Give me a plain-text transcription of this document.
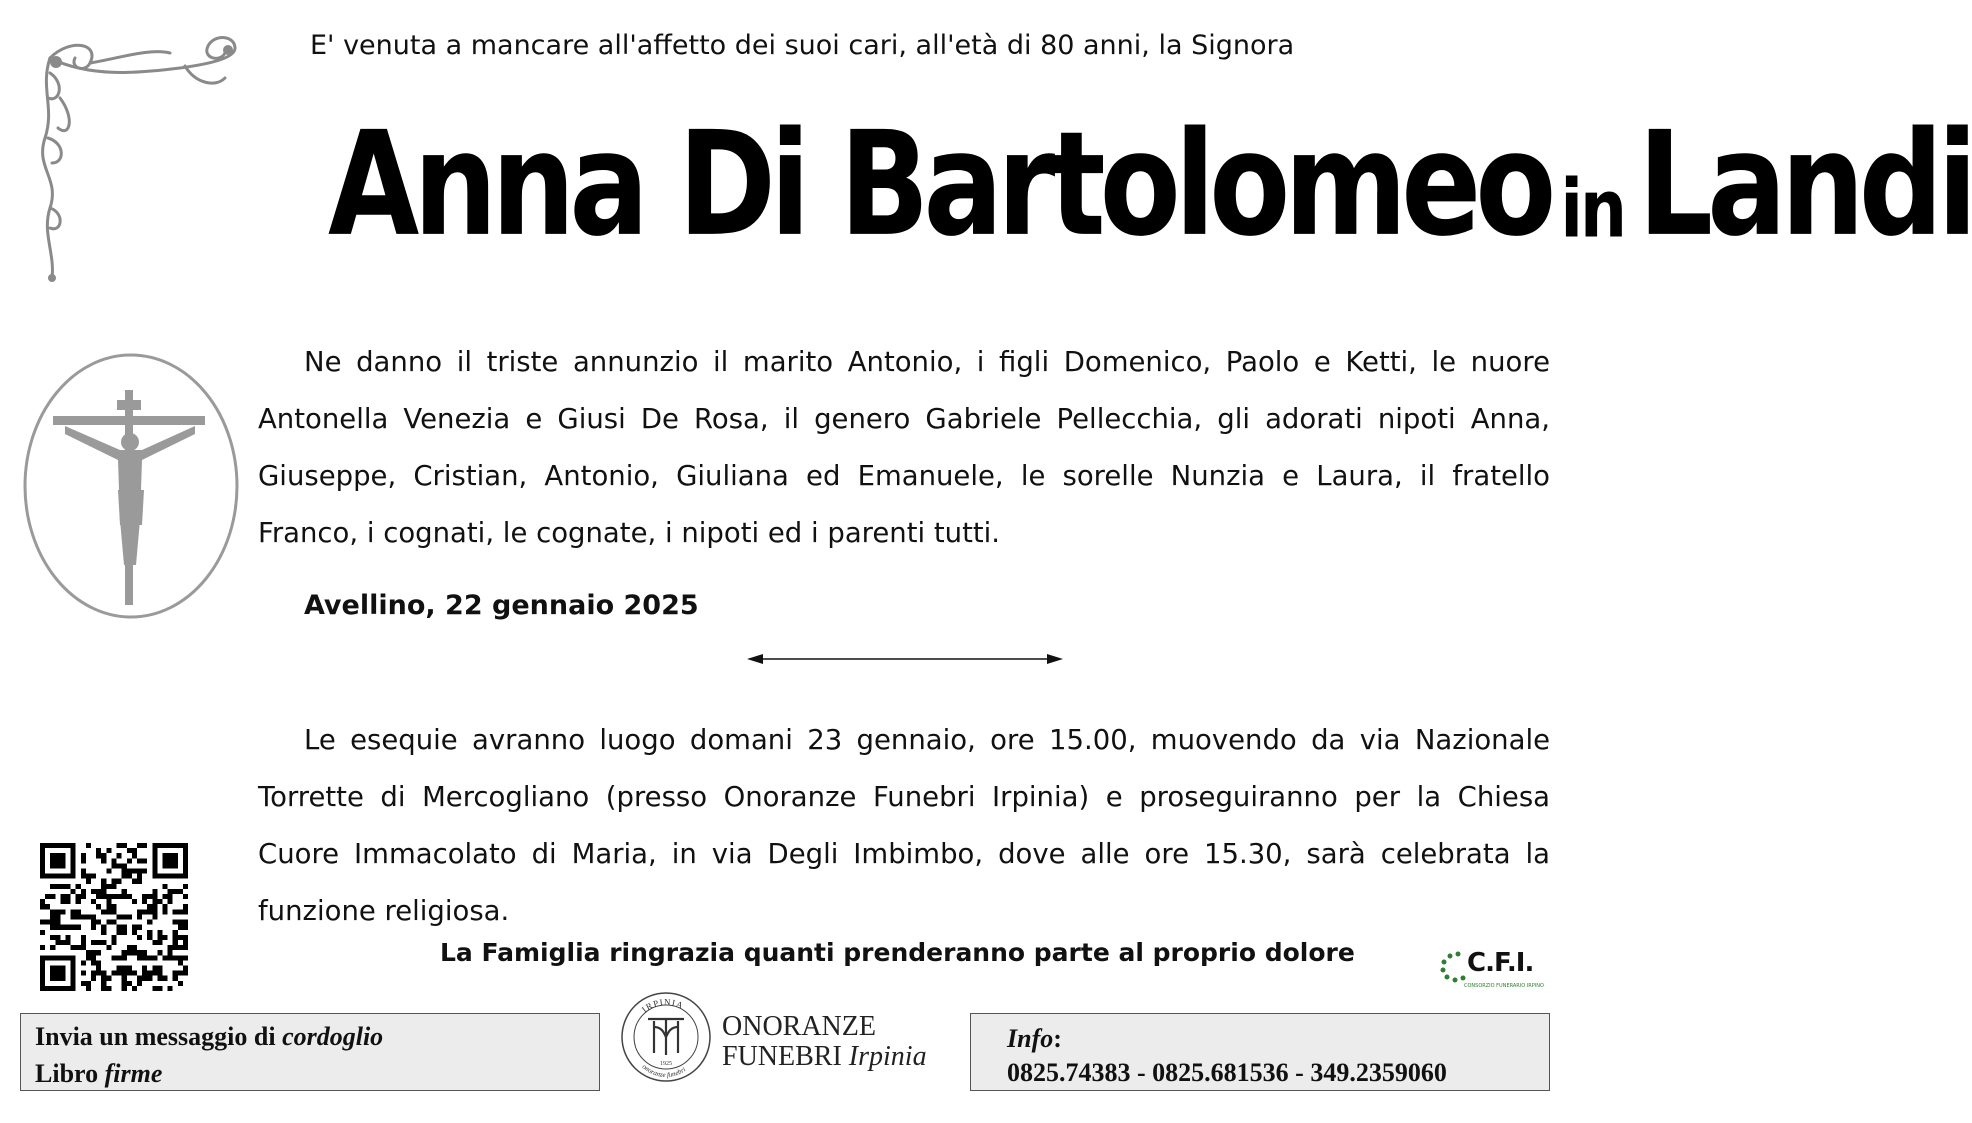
E' venuta a mancare all'affetto dei suoi cari, all'età di 80 anni, la Signora
Anna Di Bartolomeo in Landi
Ne danno il triste annunzio il marito Antonio, i figli Domenico, Paolo e Ketti, le nuore Antonella Venezia e Giusi De Rosa, il genero Gabriele Pellecchia, gli adorati nipoti Anna, Giuseppe, Cristian, Antonio, Giuliana ed Emanuele, le sorelle Nunzia e Laura, il fratello Franco, i cognati, le cognate, i nipoti ed i parenti tutti.
Avellino, 22 gennaio 2025
Le esequie avranno luogo domani 23 gennaio, ore 15.00, muovendo da via Nazionale Torrette di Mercogliano (presso Onoranze Funebri Irpinia) e proseguiranno per la Chiesa Cuore Immacolato di Maria, in via Degli Imbimbo, dove alle ore 15.30, sarà celebrata la funzione religiosa.
La Famiglia ringrazia quanti prenderanno parte al proprio dolore	C.F.I.
CONSORZIO FUNERARIO IRPINO
Invia un messaggio di cordoglio
Libro firme
IRPINIA
onoranze funebri
1925
ONORANZE
FUNEBRI Irpinia
Info:
0825.74383 - 0825.681536 - 349.2359060
